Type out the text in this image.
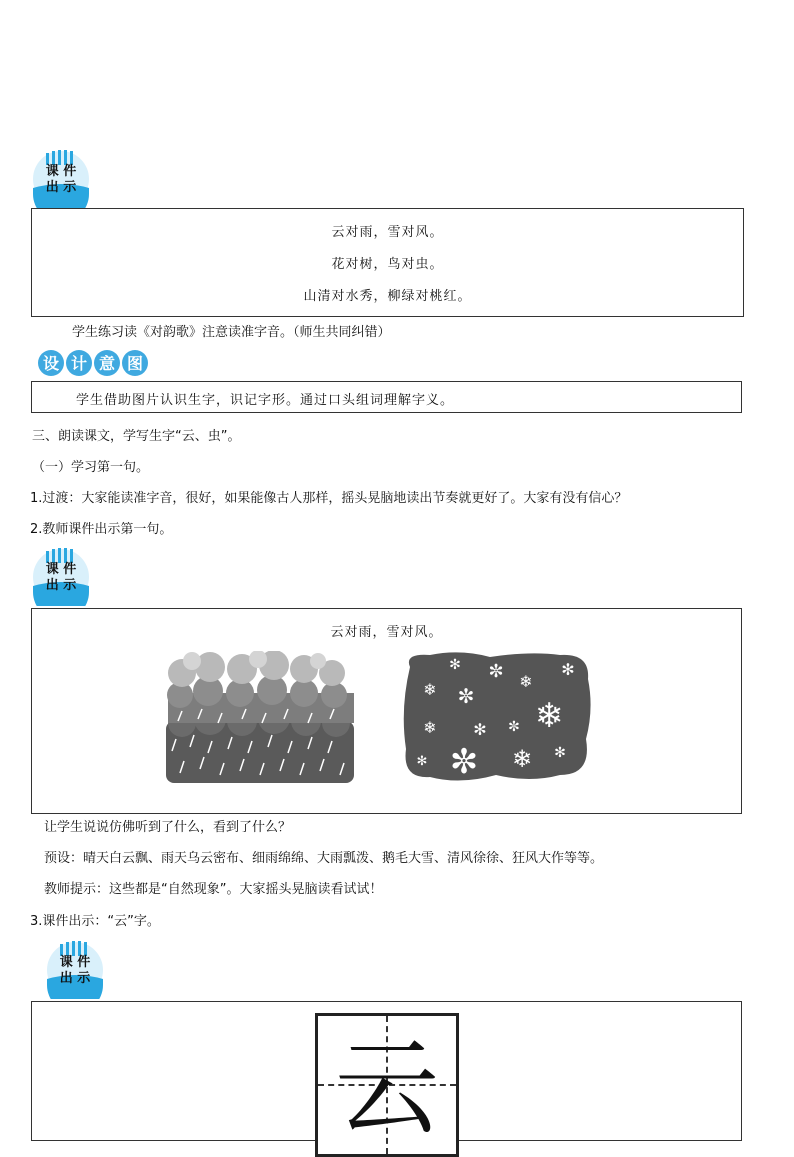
课 件
出 示
云对雨，雪对风。
花对树，鸟对虫。
山清对水秀，柳绿对桃红。
学生练习读《对韵歌》注意读准字音。（师生共同纠错）
设 计 意 图
学生借助图片认识生字，识记字形。通过口头组词理解字义。
三、朗读课文，学写生字“云、虫”。
（一）学习第一句。
1.过渡：大家能读准字音，很好，如果能像古人那样，摇头晃脑地读出节奏就更好了。大家有没有信心？
2.教师课件出示第一句。
课 件
出 示
云对雨，雪对风。
✻ ✼ ❄
✻
❄ ✼ ❄
❄ ✻ ✼
✼ ❄ ✻
✻
让学生说说仿佛听到了什么，看到了什么？
预设：晴天白云飘、雨天乌云密布、细雨绵绵、大雨瓢泼、鹅毛大雪、清风徐徐、狂风大作等等。
教师提示：这些都是“自然现象”。大家摇头晃脑读看试试！
3.课件出示：“云”字。
课 件
出 示
云
